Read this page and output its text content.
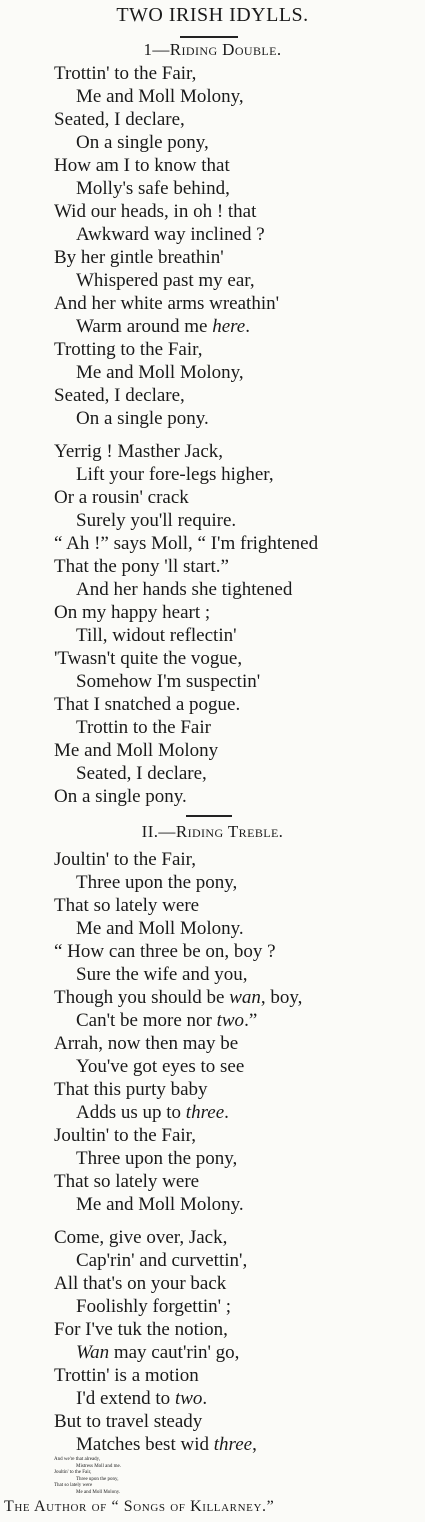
TWO IRISH IDYLLS.
1—Riding Double.
Trottin' to the Fair,
Me and Moll Molony,
Seated, I declare,
On a single pony,
How am I to know that
Molly's safe behind,
Wid our heads, in oh ! that
Awkward way inclined ?
By her gintle breathin'
Whispered past my ear,
And her white arms wreathin'
Warm around me here.
Trotting to the Fair,
Me and Moll Molony,
Seated, I declare,
On a single pony.
Yerrig ! Masther Jack,
Lift your fore-legs higher,
Or a rousin' crack
Surely you'll require.
“ Ah !” says Moll, “ I'm frightened
That the pony 'll start.”
And her hands she tightened
On my happy heart ;
Till, widout reflectin'
'Twasn't quite the vogue,
Somehow I'm suspectin'
That I snatched a pogue.
Trottin to the Fair
Me and Moll Molony
Seated, I declare,
On a single pony.
II.—Riding Treble.
Joultin' to the Fair,
Three upon the pony,
That so lately were
Me and Moll Molony.
“ How can three be on, boy ?
Sure the wife and you,
Though you should be wan, boy,
Can't be more nor two.”
Arrah, now then may be
You've got eyes to see
That this purty baby
Adds us up to three.
Joultin' to the Fair,
Three upon the pony,
That so lately were
Me and Moll Molony.
Come, give over, Jack,
Cap'rin' and curvettin',
All that's on your back
Foolishly forgettin' ;
For I've tuk the notion,
Wan may caut'rin' go,
Trottin' is a motion
I'd extend to two.
But to travel steady
Matches best wid three,
The Author of “ Songs of Killarney.”
And we're that already,
Mistress Moll and me.
Joultin' to the Fair,
Three upon the pony,
That so lately were
Me and Moll Molony.
